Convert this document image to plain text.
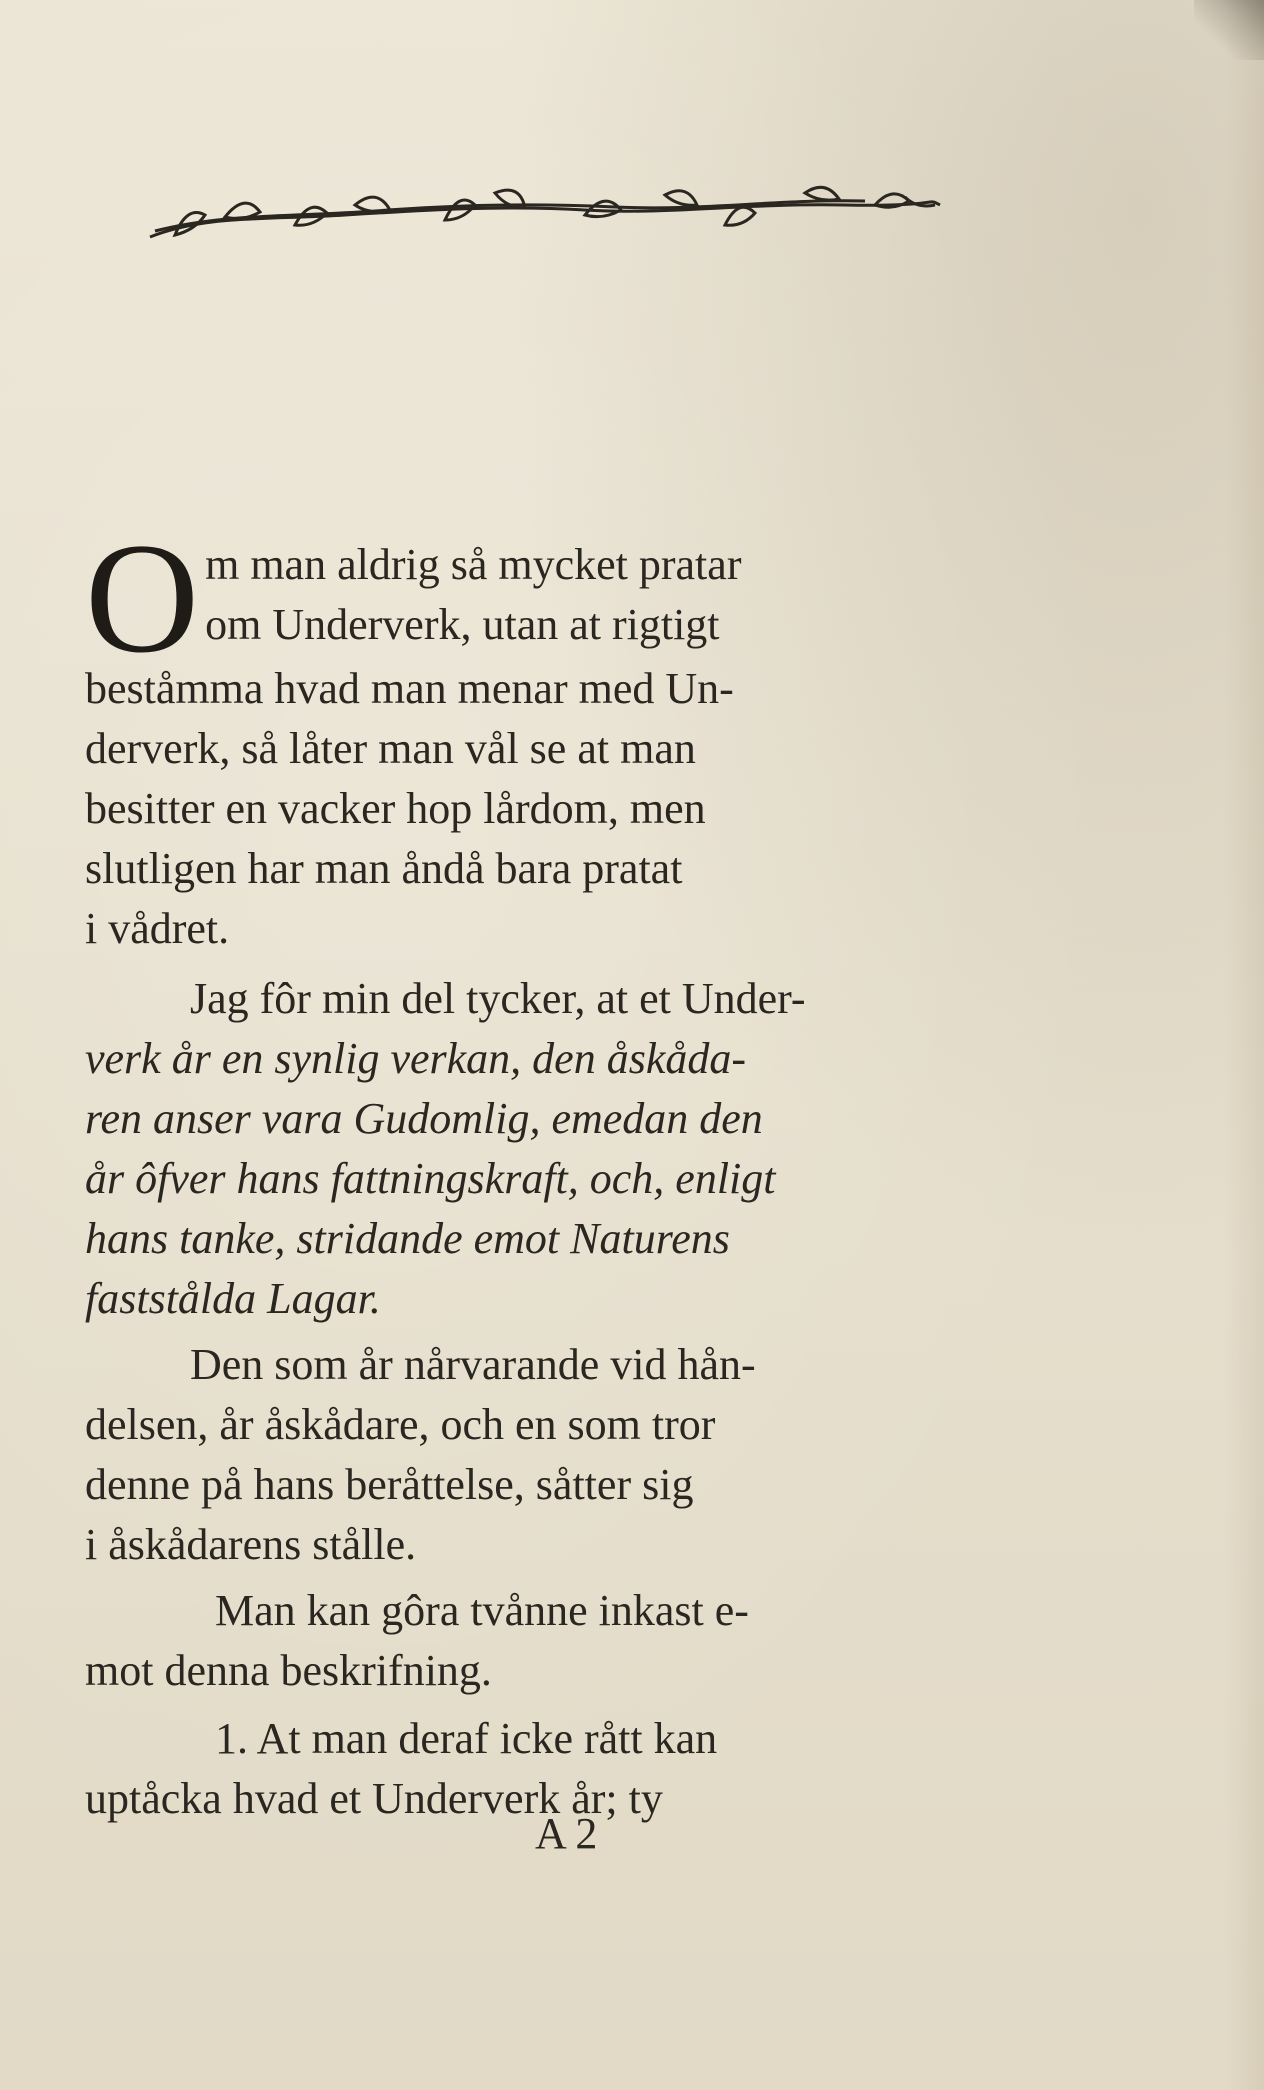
O m man aldrig så mycket pratar
om Underverk, utan at rigtigt
beståmma hvad man menar med Un-
derverk, så låter man vål se at man
besitter en vacker hop lårdom, men
slutligen har man åndå bara pratat
i vådret.
Jag fôr min del tycker, at et Under-
verk år en synlig verkan, den åskåda-
ren anser vara Gudomlig, emedan den
år ôfver hans fattningskraft, och, enligt
hans tanke, stridande emot Naturens
faststålda Lagar.
Den som år nårvarande vid hån-
delsen, år åskådare, och en som tror
denne på hans beråttelse, såtter sig
i åskådarens stålle.
Man kan gôra tvånne inkast e-
mot denna beskrifning.
1. At man deraf icke rått kan
uptåcka hvad et Underverk år; ty
A 2
